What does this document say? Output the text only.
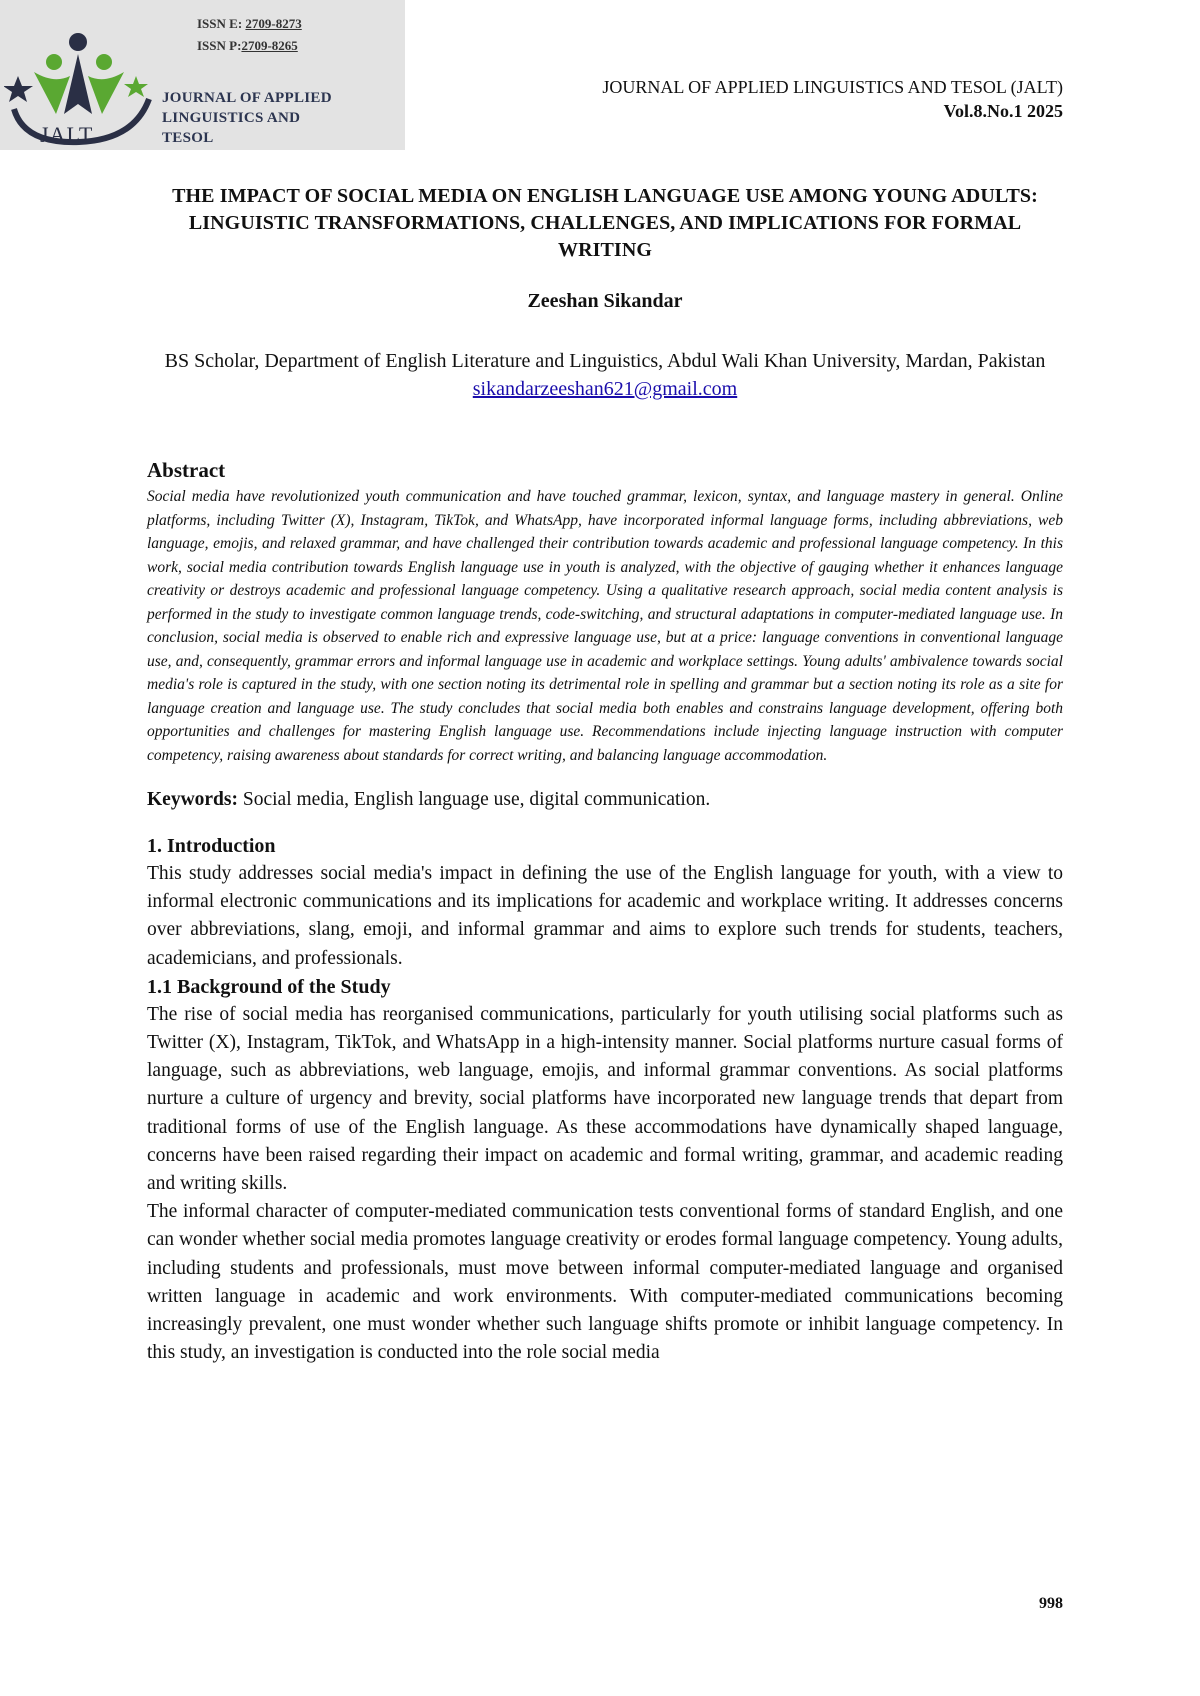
JALT
ISSN E: 2709-8273
ISSN P:2709-8265
JOURNAL OF APPLIED
LINGUISTICS AND
TESOL
JOURNAL OF APPLIED LINGUISTICS AND TESOL (JALT)
Vol.8.No.1 2025
THE IMPACT OF SOCIAL MEDIA ON ENGLISH LANGUAGE USE AMONG YOUNG ADULTS: LINGUISTIC TRANSFORMATIONS, CHALLENGES, AND IMPLICATIONS FOR FORMAL WRITING
Zeeshan Sikandar
BS Scholar, Department of English Literature and Linguistics, Abdul Wali Khan University, Mardan, Pakistan
sikandarzeeshan621@gmail.com
Abstract

Social media have revolutionized youth communication and have touched grammar, lexicon, syntax, and language mastery in general. Online platforms, including Twitter (X), Instagram, TikTok, and WhatsApp, have incorporated informal language forms, including abbreviations, web language, emojis, and relaxed grammar, and have challenged their contribution towards academic and professional language competency. In this work, social media contribution towards English language use in youth is analyzed, with the objective of gauging whether it enhances language creativity or destroys academic and professional language competency. Using a qualitative research approach, social media content analysis is performed in the study to investigate common language trends, code-switching, and structural adaptations in computer-mediated language use. In conclusion, social media is observed to enable rich and expressive language use, but at a price: language conventions in conventional language use, and, consequently, grammar errors and informal language use in academic and workplace settings. Young adults' ambivalence towards social media's role is captured in the study, with one section noting its detrimental role in spelling and grammar but a section noting its role as a site for language creation and language use. The study concludes that social media both enables and constrains language development, offering both opportunities and challenges for mastering English language use. Recommendations include injecting language instruction with computer competency, raising awareness about standards for correct writing, and balancing language accommodation.

Keywords: Social media, English language use, digital communication.

1. Introduction

This study addresses social media's impact in defining the use of the English language for youth, with a view to informal electronic communications and its implications for academic and workplace writing. It addresses concerns over abbreviations, slang, emoji, and informal grammar and aims to explore such trends for students, teachers, academicians, and professionals.

1.1 Background of the Study

The rise of social media has reorganised communications, particularly for youth utilising social platforms such as Twitter (X), Instagram, TikTok, and WhatsApp in a high-intensity manner. Social platforms nurture casual forms of language, such as abbreviations, web language, emojis, and informal grammar conventions. As social platforms nurture a culture of urgency and brevity, social platforms have incorporated new language trends that depart from traditional forms of use of the English language. As these accommodations have dynamically shaped language, concerns have been raised regarding their impact on academic and formal writing, grammar, and academic reading and writing skills.

The informal character of computer-mediated communication tests conventional forms of standard English, and one can wonder whether social media promotes language creativity or erodes formal language competency. Young adults, including students and professionals, must move between informal computer-mediated language and organised written language in academic and work environments. With computer-mediated communications becoming increasingly prevalent, one must wonder whether such language shifts promote or inhibit language competency. In this study, an investigation is conducted into the role social media

998
